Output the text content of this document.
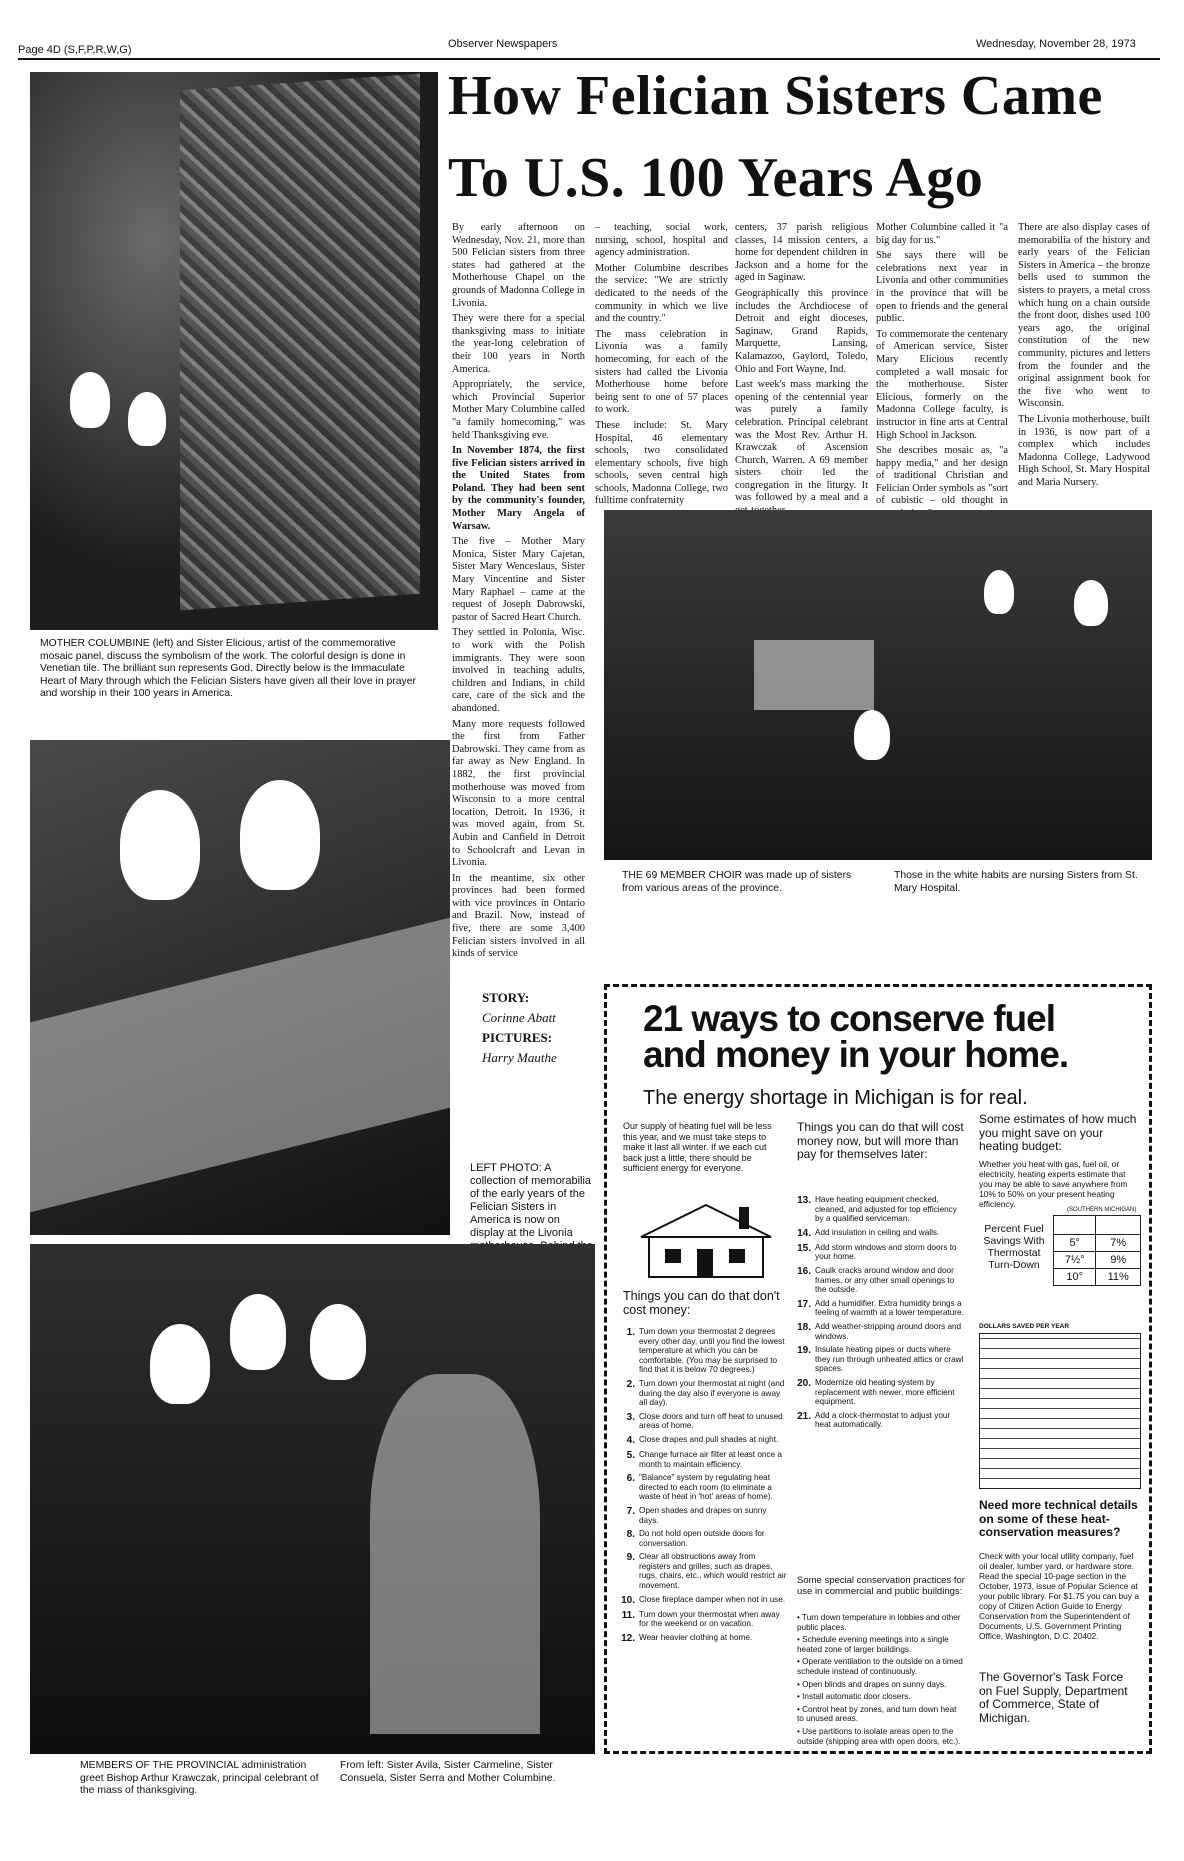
Page 4D (S,F,P,R,W,G)	Observer Newspapers	Wednesday, November 28, 1973
How Felician Sisters Came
To U.S. 100 Years Ago
MOTHER COLUMBINE (left) and Sister Elicious, artist of the commemorative mosaic panel, discuss the symbolism of the work. The colorful design is done in Venetian tile. The brilliant sun represents God. Directly below is the Immaculate Heart of Mary through which the Felician Sisters have given all their love in prayer and worship in their 100 years in America.

By early afternoon on Wednesday, Nov. 21, more than 500 Felician sisters from three states had gathered at the Motherhouse Chapel on the grounds of Madonna College in Livonia.

They were there for a special thanksgiving mass to initiate the year-long celebration of their 100 years in North America.

Appropriately, the service, which Provincial Superior Mother Mary Columbine called "a family homecoming," was held Thanksgiving eve.

In November 1874, the first five Felician sisters arrived in the United States from Poland. They had been sent by the community's founder, Mother Mary Angela of Warsaw.

The five – Mother Mary Monica, Sister Mary Cajetan, Sister Mary Wenceslaus, Sister Mary Vincentine and Sister Mary Raphael – came at the request of Joseph Dabrowski, pastor of Sacred Heart Church.

They settled in Polonia, Wisc. to work with the Polish immigrants. They were soon involved in teaching adults, children and Indians, in child care, care of the sick and the abandoned.

Many more requests followed the first from Father Dabrowski. They came from as far away as New England. In 1882, the first provincial motherhouse was moved from Wisconsin to a more central location, Detroit. In 1936, it was moved again, from St. Aubin and Canfield in Detroit to Schoolcraft and Levan in Livonia.

In the meantime, six other provinces had been formed with vice provinces in Ontario and Brazil. Now, instead of five, there are some 3,400 Felician sisters involved in all kinds of service

– teaching, social work, nursing, school, hospital and agency administration.

Mother Columbine describes the service: "We are strictly dedicated to the needs of the community in which we live and the country."

The mass celebration in Livonia was a family homecoming, for each of the sisters had called the Livonia Motherhouse home before being sent to one of 57 places to work.

These include: St. Mary Hospital, 46 elementary schools, two consolidated elementary schools, five high schools, seven central high schools, Madonna College, two fulltime confraternity

centers, 37 parish religious classes, 14 mission centers, a home for dependent children in Jackson and a home for the aged in Saginaw.

Geographically this province includes the Archdiocese of Detroit and eight dioceses, Saginaw, Grand Rapids, Marquette, Lansing, Kalamazoo, Gaylord, Toledo, Ohio and Fort Wayne, Ind.

Last week's mass marking the opening of the centennial year was purely a family celebration. Principal celebrant was the Most Rev. Arthur H. Krawczak of Ascension Church, Warren. A 69 member sisters choir led the congregation in the liturgy. It was followed by a meal and a

Mother Columbine called it "a big day for us."

She says there will be celebrations next year in Livonia and other communities in the province that will be open to friends and the general public.

To commemorate the centenary of American service, Sister Mary Elicious recently completed a wall mosaic for the motherhouse. Sister Elicious, formerly on the Madonna College faculty, is instructor in fine arts at Central High School in Jackson.

She describes mosaic as, "a happy media," and her design of traditional Christian and Felician Order symbols as "sort of cubistic – old thought in

There are also display cases of memorabilia of the history and early years of the Felician Sisters in America – the bronze bells used to summon the sisters to prayers, a metal cross which hung on a chain outside the front door, dishes used 100 years ago, the original constitution of the new community, pictures and letters from the founder and the original assignment book for the five who went to Wisconsin.

The Livonia motherhouse, built in 1936, is now part of a complex which includes Madonna College, Ladywood High School, St. Mary Hospital and Maria Nursery.

THE 69 MEMBER CHOIR was made up of sisters from various areas of the province.
Those in the white habits are nursing Sisters from St. Mary Hospital.
STORY:
Corinne Abatt
PICTURES:
Harry Mauthe
LEFT PHOTO: A collection of memorabilia of the early years of the Felician Sisters in America is now on display at the Livonia
MEMBERS OF THE PROVINCIAL administration greet Bishop Arthur Krawczak, principal celebrant of the mass of thanksgiving.
From left: Sister Avila, Sister Carmeline, Sister Consuela, Sister Serra and Mother Columbine.
21 ways to conserve fuel
and money in your home.
The energy shortage in Michigan is for real.
Our supply of heating fuel will be less this year, and we must take steps to make it last all winter. If we each cut back just a little, there should be sufficient energy for everyone.
Things you can do that don't cost money:
1. Turn down your thermostat 2 degrees every other day, until you find the lowest temperature at which you can be comfortable. (You may be surprised to find that it is below 70 degrees.)
2. Turn down your thermostat at night (and during the day also if everyone is away all day).
3. Close doors and turn off heat to unused areas of home.
4. Close drapes and pull shades at night.
5. Change furnace air filter at least once a month to maintain efficiency.
6. "Balance" system by regulating heat directed to each room (to eliminate a waste of heat in 'hot' areas of home).
7. Open shades and drapes on sunny days.
8. Do not hold open outside doors for conversation.
9. Clear all obstructions away from registers and grilles, such as drapes, rugs, chairs, etc., which would restrict air movement.
10. Close fireplace damper when not in use.
11. Turn down your thermostat when away for the weekend or on vacation.
12. Wear heavier clothing at home.
Things you can do that will cost money now, but will more than pay for themselves later:
13. Have heating equipment checked, cleaned, and adjusted for top efficiency by a qualified serviceman.
14. Add insulation in ceiling and walls.
15. Add storm windows and storm doors to your home.
16. Caulk cracks around window and door frames, or any other small openings to the outside.
17. Add a humidifier. Extra humidity brings a feeling of warmth at a lower temperature.
18. Add weather-stripping around doors and windows.
19. Insulate heating pipes or ducts where they run through unheated attics or crawl spaces.
20. Modernize old heating system by replacement with newer, more efficient equipment.
21. Add a clock-thermostat to adjust your heat automatically.
Some special conservation practices for use in commercial and public buildings:
• Turn down temperature in lobbies and other public places.
• Schedule evening meetings into a single heated zone of larger buildings.
• Operate ventilation to the outside on a timed schedule instead of continuously.
• Open blinds and drapes on sunny days.
• Install automatic door closers.
• Control heat by zones, and turn down heat to unused areas.
• Use partitions to isolate areas open to the outside (shipping area with open doors, etc.).
Some estimates of how much you might save on your heating budget:
Whether you heat with gas, fuel oil, or electricity, heating experts estimate that you may be able to save anywhere from 10% to 50% on your present heating efficiency.
(SOUTHERN MICHIGAN)
Percent Fuel Savings With Thermostat Turn-Down

5°	7%
7½°	9%
10°	11%
DOLLARS SAVED PER YEAR
Need more technical details on some of these heat-conservation measures?
Check with your local utility company, fuel oil dealer, lumber yard, or hardware store. Read the special 10-page section in the October, 1973, issue of Popular Science at your public library. For $1.75 you can buy a copy of Citizen Action Guide to Energy Conservation from the Superintendent of Documents, U.S. Government Printing Office, Washington, D.C. 20402.
The Governor's Task Force on Fuel Supply, Department of Commerce, State of Michigan.
